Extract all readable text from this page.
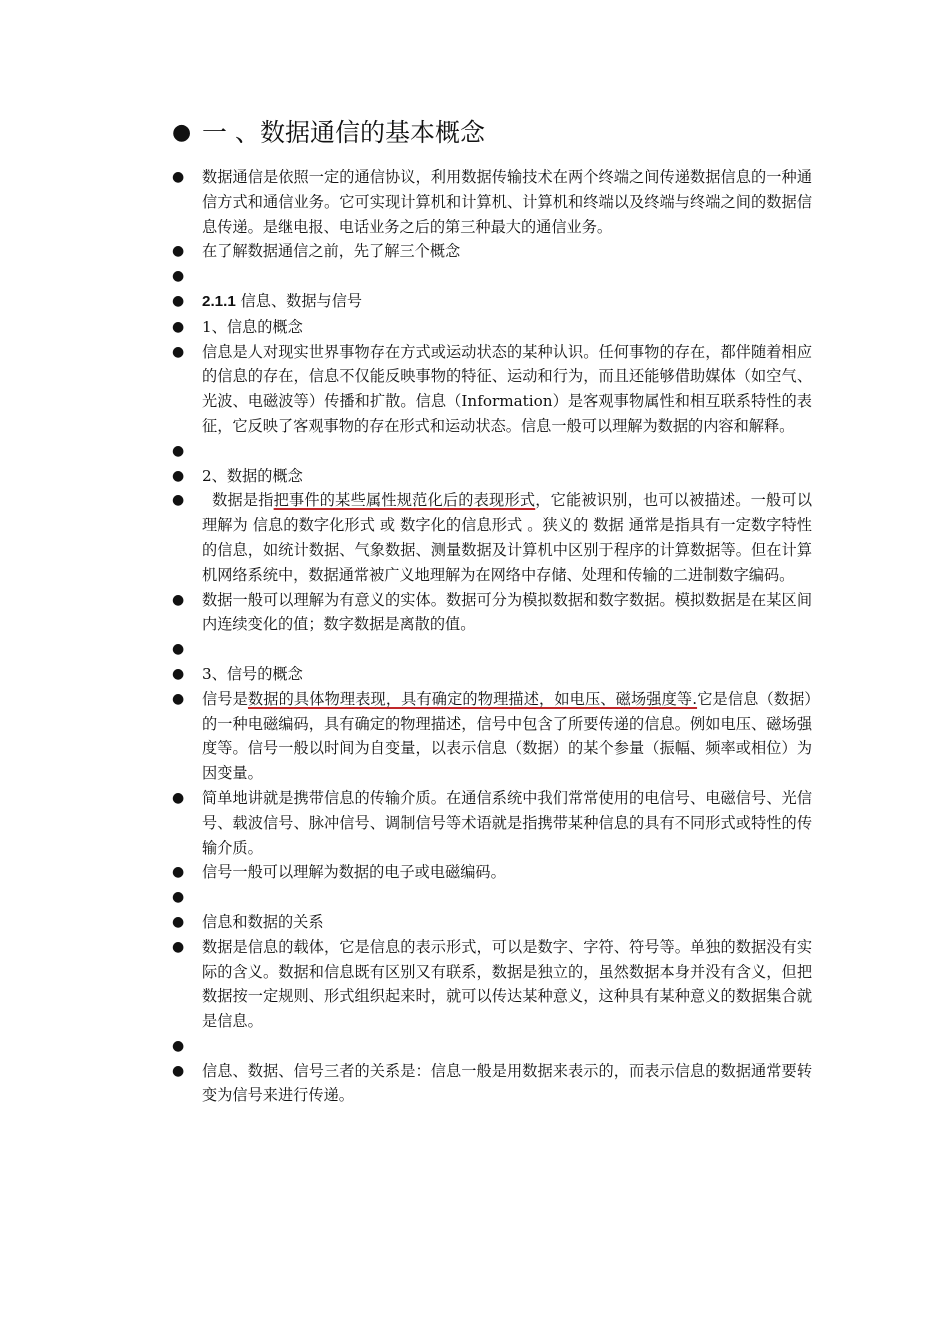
● 一 、数据通信的基本概念
●	数据通信是依照一定的通信协议，利用数据传输技术在两个终端之间传递数据信息的一种通信方式和通信业务。它可实现计算机和计算机、计算机和终端以及终端与终端之间的数据信息传递。是继电报、电话业务之后的第三种最大的通信业务。
●	在了解数据通信之前，先了解三个概念
●
●	2.1.1 信息、数据与信号
●	1、信息的概念
●	信息是人对现实世界事物存在方式或运动状态的某种认识。任何事物的存在，都伴随着相应的信息的存在，信息不仅能反映事物的特征、运动和行为，而且还能够借助媒体（如空气、光波、电磁波等）传播和扩散。信息（Information）是客观事物属性和相互联系特性的表征，它反映了客观事物的存在形式和运动状态。信息一般可以理解为数据的内容和解释。
●
●	2、数据的概念
●	数据是指把事件的某些属性规范化后的表现形式，它能被识别，也可以被描述。一般可以理解为 信息的数字化形式 或 数字化的信息形式 。狭义的 数据 通常是指具有一定数字特性的信息，如统计数据、气象数据、测量数据及计算机中区别于程序的计算数据等。但在计算机网络系统中，数据通常被广义地理解为在网络中存储、处理和传输的二进制数字编码。
●	数据一般可以理解为有意义的实体。数据可分为模拟数据和数字数据。模拟数据是在某区间内连续变化的值；数字数据是离散的值。
●
●	3、信号的概念
●	信号是数据的具体物理表现，具有确定的物理描述，如电压、磁场强度等.它是信息（数据）的一种电磁编码，具有确定的物理描述，信号中包含了所要传递的信息。例如电压、磁场强度等。信号一般以时间为自变量，以表示信息（数据）的某个参量（振幅、频率或相位）为因变量。
●	简单地讲就是携带信息的传输介质。在通信系统中我们常常使用的电信号、电磁信号、光信号、载波信号、脉冲信号、调制信号等术语就是指携带某种信息的具有不同形式或特性的传输介质。
●	信号一般可以理解为数据的电子或电磁编码。
●
●	信息和数据的关系
●	数据是信息的载体，它是信息的表示形式，可以是数字、字符、符号等。单独的数据没有实际的含义。数据和信息既有区别又有联系，数据是独立的，虽然数据本身并没有含义，但把数据按一定规则、形式组织起来时，就可以传达某种意义，这种具有某种意义的数据集合就是信息。
●
●	信息、数据、信号三者的关系是：信息一般是用数据来表示的，而表示信息的数据通常要转变为信号来进行传递。
